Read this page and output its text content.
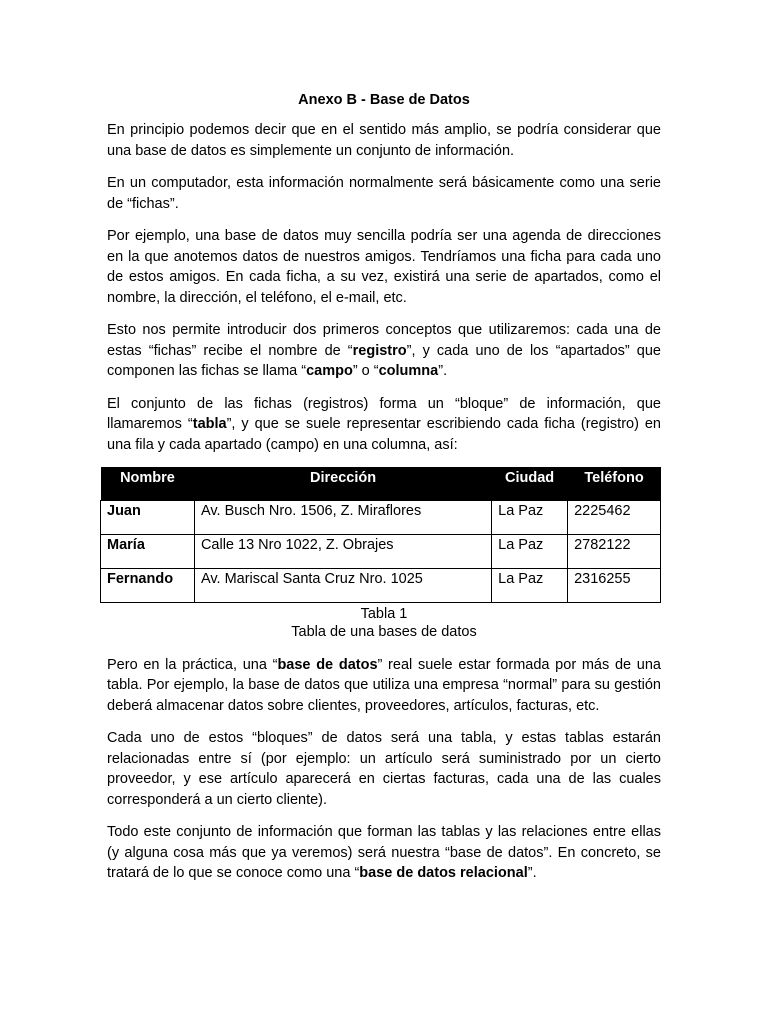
Anexo B - Base de Datos

En principio podemos decir que en el sentido más amplio, se podría considerar que una base de datos es simplemente un conjunto de información.

En un computador, esta información normalmente será básicamente como una serie de “fichas”.

Por ejemplo, una base de datos muy sencilla podría ser una agenda de direcciones en la que anotemos datos de nuestros amigos. Tendríamos una ficha para cada uno de estos amigos. En cada ficha, a su vez, existirá una serie de apartados, como el nombre, la dirección, el teléfono, el e-mail, etc.

Esto nos permite introducir dos primeros conceptos que utilizaremos: cada una de estas “fichas” recibe el nombre de “registro”, y cada uno de los “apartados” que componen las fichas se llama “campo” o “columna”.

El conjunto de las fichas (registros) forma un “bloque” de información, que llamaremos “tabla”, y que se suele representar escribiendo cada ficha (registro) en una fila y cada apartado (campo) en una columna, así:

Nombre	Dirección	Ciudad	Teléfono
Juan	Av. Busch Nro. 1506, Z. Miraflores	La Paz	2225462
María	Calle 13 Nro 1022, Z. Obrajes	La Paz	2782122
Fernando	Av. Mariscal Santa Cruz Nro. 1025	La Paz	2316255
Tabla 1
Tabla de una bases de datos

Pero en la práctica, una “base de datos” real suele estar formada por más de una tabla. Por ejemplo, la base de datos que utiliza una empresa “normal” para su gestión deberá almacenar datos sobre clientes, proveedores, artículos, facturas, etc.

Cada uno de estos “bloques” de datos será una tabla, y estas tablas estarán relacionadas entre sí (por ejemplo: un artículo será suministrado por un cierto proveedor, y ese artículo aparecerá en ciertas facturas, cada una de las cuales corresponderá a un cierto cliente).

Todo este conjunto de información que forman las tablas y las relaciones entre ellas (y alguna cosa más que ya veremos) será nuestra “base de datos”. En concreto, se tratará de lo que se conoce como una “base de datos relacional”.
